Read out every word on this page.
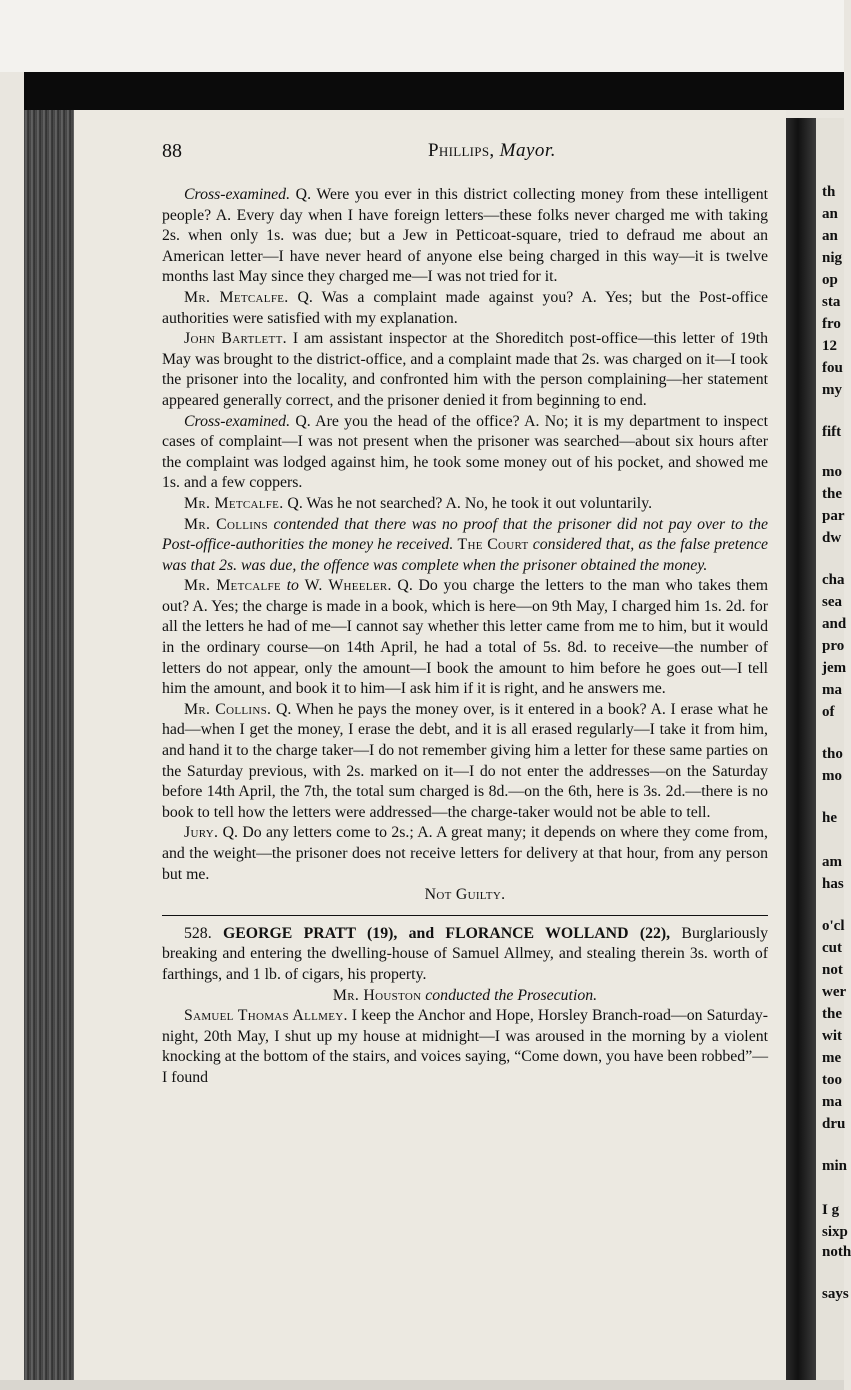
88	Phillips, Mayor.

Cross-examined. Q. Were you ever in this district collecting money from these intelligent people? A. Every day when I have foreign letters—these folks never charged me with taking 2s. when only 1s. was due; but a Jew in Petticoat-square, tried to defraud me about an American letter—I have never heard of anyone else being charged in this way—it is twelve months last May since they charged me—I was not tried for it.

Mr. Metcalfe. Q. Was a complaint made against you? A. Yes; but the Post-office authorities were satisfied with my explanation.

John Bartlett. I am assistant inspector at the Shoreditch post-office—this letter of 19th May was brought to the district-office, and a complaint made that 2s. was charged on it—I took the prisoner into the locality, and confronted him with the person complaining—her statement appeared generally correct, and the prisoner denied it from beginning to end.

Cross-examined. Q. Are you the head of the office? A. No; it is my department to inspect cases of complaint—I was not present when the prisoner was searched—about six hours after the complaint was lodged against him, he took some money out of his pocket, and showed me 1s. and a few coppers.

Mr. Metcalfe. Q. Was he not searched? A. No, he took it out voluntarily.

Mr. Collins contended that there was no proof that the prisoner did not pay over to the Post-office-authorities the money he received. The Court considered that, as the false pretence was that 2s. was due, the offence was complete when the prisoner obtained the money.

Mr. Metcalfe to W. Wheeler. Q. Do you charge the letters to the man who takes them out? A. Yes; the charge is made in a book, which is here—on 9th May, I charged him 1s. 2d. for all the letters he had of me—I cannot say whether this letter came from me to him, but it would in the ordinary course—on 14th April, he had a total of 5s. 8d. to receive—the number of letters do not appear, only the amount—I book the amount to him before he goes out—I tell him the amount, and book it to him—I ask him if it is right, and he answers me.

Mr. Collins. Q. When he pays the money over, is it entered in a book? A. I erase what he had—when I get the money, I erase the debt, and it is all erased regularly—I take it from him, and hand it to the charge taker—I do not remember giving him a letter for these same parties on the Saturday previous, with 2s. marked on it—I do not enter the addresses—on the Saturday before 14th April, the 7th, the total sum charged is 8d.—on the 6th, here is 3s. 2d.—there is no book to tell how the letters were addressed—the charge-taker would not be able to tell.

Jury. Q. Do any letters come to 2s.; A. A great many; it depends on where they come from, and the weight—the prisoner does not receive letters for delivery at that hour, from any person but me.

Not Guilty.

528. GEORGE PRATT (19), and FLORANCE WOLLAND (22), Burglariously breaking and entering the dwelling-house of Samuel Allmey, and stealing therein 3s. worth of farthings, and 1 lb. of cigars, his property.

Mr. Houston conducted the Prosecution.

Samuel Thomas Allmey. I keep the Anchor and Hope, Horsley Branch-road—on Saturday-night, 20th May, I shut up my house at midnight—I was aroused in the morning by a violent knocking at the bottom of the stairs, and voices saying, “Come down, you have been robbed”—I found

th
an
an
nig
op
sta
fro
12
fou
my
fift
mo
the
par
dw
cha
sea
and
pro
jem
ma
of
tho
mo
he
am
has
o'cl
cut
not
wer
the
wit
me
too
ma
dru
min
I g
sixp
noth
says
